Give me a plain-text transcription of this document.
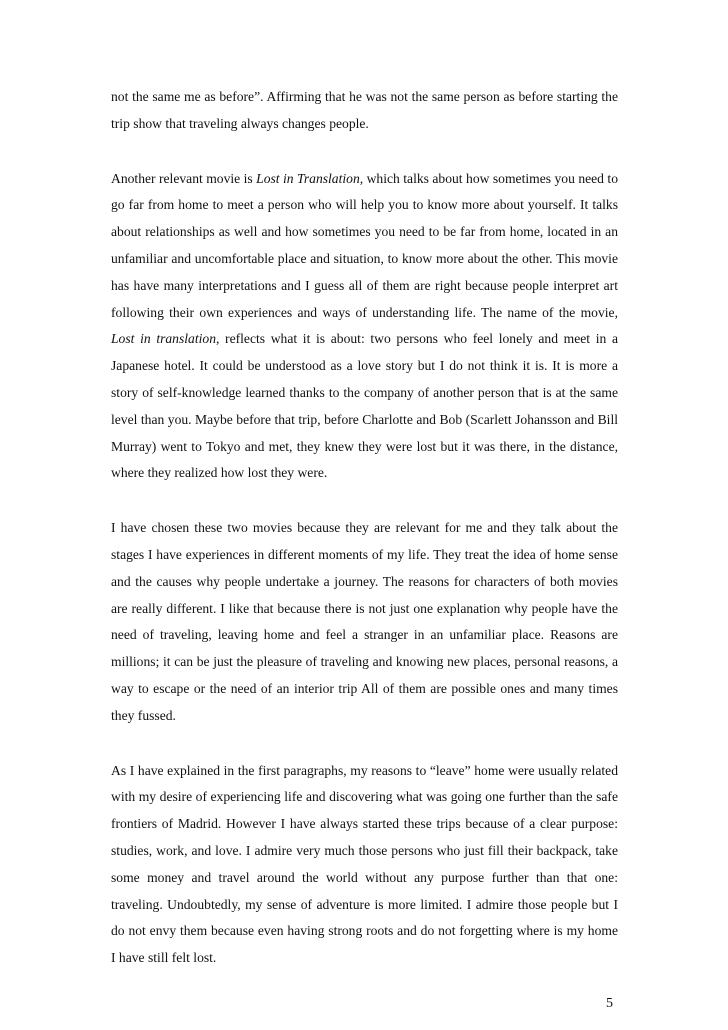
not the same me as before”. Affirming that he was not the same person as before starting the trip show that traveling always changes people.

Another relevant movie is Lost in Translation, which talks about how sometimes you need to go far from home to meet a person who will help you to know more about yourself. It talks about relationships as well and how sometimes you need to be far from home, located in an unfamiliar and uncomfortable place and situation, to know more about the other. This movie has have many interpretations and I guess all of them are right because people interpret art following their own experiences and ways of understanding life. The name of the movie, Lost in translation, reflects what it is about: two persons who feel lonely and meet in a Japanese hotel. It could be understood as a love story but I do not think it is. It is more a story of self-knowledge learned thanks to the company of another person that is at the same level than you. Maybe before that trip, before Charlotte and Bob (Scarlett Johansson and Bill Murray) went to Tokyo and met, they knew they were lost but it was there, in the distance, where they realized how lost they were.

I have chosen these two movies because they are relevant for me and they talk about the stages I have experiences in different moments of my life. They treat the idea of home sense and the causes why people undertake a journey. The reasons for characters of both movies are really different. I like that because there is not just one explanation why people have the need of traveling, leaving home and feel a stranger in an unfamiliar place. Reasons are millions; it can be just the pleasure of traveling and knowing new places, personal reasons, a way to escape or the need of an interior trip All of them are possible ones and many times they fussed.

As I have explained in the first paragraphs, my reasons to “leave” home were usually related with my desire of experiencing life and discovering what was going one further than the safe frontiers of Madrid. However I have always started these trips because of a clear purpose: studies, work, and love. I admire very much those persons who just fill their backpack, take some money and travel around the world without any purpose further than that one: traveling. Undoubtedly, my sense of adventure is more limited. I admire those people but I do not envy them because even having strong roots and do not forgetting where is my home I have still felt lost.

5
